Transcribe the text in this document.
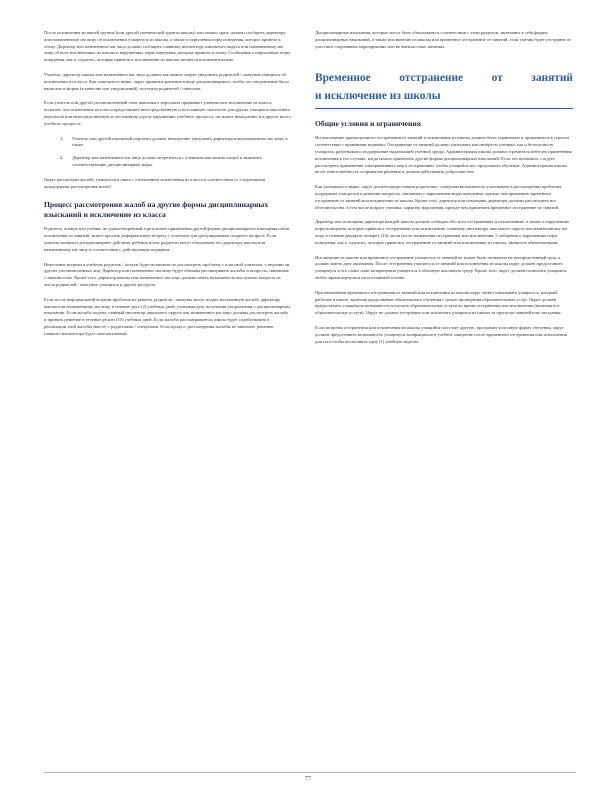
После исключения из вашей группы (или другой ученической группы школы) или можно сразу должен сообщить директору или назначенному им лицу об исключении учащегося из школы, а также о нарушении норм поведения, которое привело к этому. Директор или назначенное им лицо должно сообщить главному инспектору школьного округа или назначенному им лицу об всех исключениях из школы и нарушениях норм поведения, которые привели к этому. Сообщения о нарушениях норм поведения, как о «группе», которые привели к исключению из школы, является исключительным.

Учитель, директор школы или назначенное им лицо должны как можно скорее уведомить родителей / опекунов учащихся об исключении из класса. Как отмечалось выше, округ принятие решения в виде дисциплинарного, чтобы это уведомление было написано в форме (в качестве или уведомлений), посетили родителей / опекунов.

Если учитель или другой уполномоченный член школьного персонала принимает ученическое исключение из класса, полагает, что исключение из класса представляет непосредственную и постоянную опасность для других учащихся школьного персонала или непосредственную и постоянную угрозу нарушению учебного процесса, он может немедленно и в другое место учебного процесса:

1. Учитель или другой школьный персонал должен немедленно уведомить директора или назначенное им лицо, а также
2. Директор или назначенное им лицо должно встретиться с учеником как можно скорее и выяснить соответствующие дисциплинарные меры.

Округ рассмотрит жалобу учащегося в связи с отношением исключения из класса в соответствии со следующими процедурами рассмотрения жалоб.

Процесс рассмотрения жалоб на другие формы дисциплинарных взысканий и исключение из класса

Родитель, опекун или ученик, не удовлетворенный в результате применения другой формы дисциплинарного взыскания и/или исключения из занятий, может просить неформальную встречу с учителем для урегулирования спорного вопроса. Если учитель назначил дисциплинарное действие, ребенок и/или родители могут обжаловать его директору школы или назначенному им лицу в соответствии с действующим порядком.

Нежелание встречи в учебном родитель / опекун будет возможность рассмотреть проблему с классной учителем, о ведении ли других уполномоченных лиц. Директор или назначенное им лицо будут обязаны рассматривать жалобы и вопросы, связанные с законностью. Кроме того, директор школы или назначенное им лицо должно иметь возможность выслушать вопросы из числа родителей / опекунов, учащихся и других ресурсов.

Если после неформальной встречи проблема не решена, родители / опекуны могут подать письменную жалобу директору школы или назначенному им лицу в течение двух (2) учебных дней, учитывая дату получения уведомления о дисциплинарном взыскании. Если жалоба подана, главный инспектор школьного округа или назначенное им лицо должны рассмотреть жалобу и принять решение в течение десяти (10) учебных дней. Если жалоба рассматривается, школа будет содействовать в реализации этой жалобы вместе с родителями / опекунами. Если процесс рассмотрения жалобы не закончен, решение главного инспектора будет окончательным.

Дисциплинарные взыскания, которые могут быть обжалованы в соответствии с этим разделом, включают в себя формы дисциплинарных взысканий, а также исключение из школы или временное отстранение от занятий, если ученик будет отстранен от участия в спортивных мероприятиях или во внеклассных занятиях.

Временное отстранение от занятий
и исключение из школы
Общие условия и ограничения

Использование краткосрочного отстранения от занятий и исключения из школы должно быть ограничено и применяться в строгом соответствии с правовыми нормами. Отстранение от занятий должно учитывать как интересы ученика, так и безопасность учащихся, работников и поддержание надлежащей учебной среды. Администрация школы должна стремиться избегать применения исключения в тех случаях, когда можно применить другие формы дисциплинарных взысканий. Если это возможно, следует рассмотреть применение альтернативных мер к отстранению, чтобы учащийся мог продолжить обучение. Администрация школы несет ответственность за принятие решения и должна действовать добросовестно.

Как указывалось выше, округ должен предоставить родителям / опекунам возможность участвовать в рассмотрении проблемы, поддержать учащегося в решении вопросов, связанных с нарушением норм поведения, прежде чем применять временное отстранение от занятий или исключение из школы. Кроме того, директор или помощник директора должны рассмотреть все обстоятельства, в том числе возраст ученика, характер нарушения, прежде чем применять временное отстранение от занятий.

Директор или помощник директора каждой школы должен сообщать обо всех отстранениях и исключениях, а также о нарушениях норм поведения, которые привели к отстранению или исключению, главному инспектору школьного округа или назначенному им лицу в течение двадцати четырех (24) часов после назначения отстранения или исключения. Сообщения о нарушениях норм поведения, как о «группе», которые привели к отстранению от занятий или исключению из школы, являются обязательными.

Исключение из школы или временное отстранение учащегося от занятий не может быть назначено на неопределенный срок, а должно иметь дату окончания. После отстранения учащегося от занятий или исключения из школы округ должен предоставить учащемуся и его семье план возвращения учащегося в обычную школьную среду. Кроме того, округ должен позволить учащимся любое время вернуться на постоянной основе.

При назначении временного отстранения от занятий или исключения из школы округ может наказывать учащегося, который работает в школе, включая продолжение обязательного обучения с целью проведения образовательных услуг. Округ должен предоставить учащемуся возможность получить образовательные услуги во время отстранения или исключения (включая все образовательные услуги). Округ не должен отстранять или исключать учащихся из школы за пропуски занятий или опоздания.

Если во время отстранения или исключения из школы учащийся получает другую, программу или иную форму обучения, округ должен предоставить возможность учащемуся возвращаться в учебное заведение после временного отстранения или исключения для того чтобы восполнить одну (1) учебную неделю:

77
